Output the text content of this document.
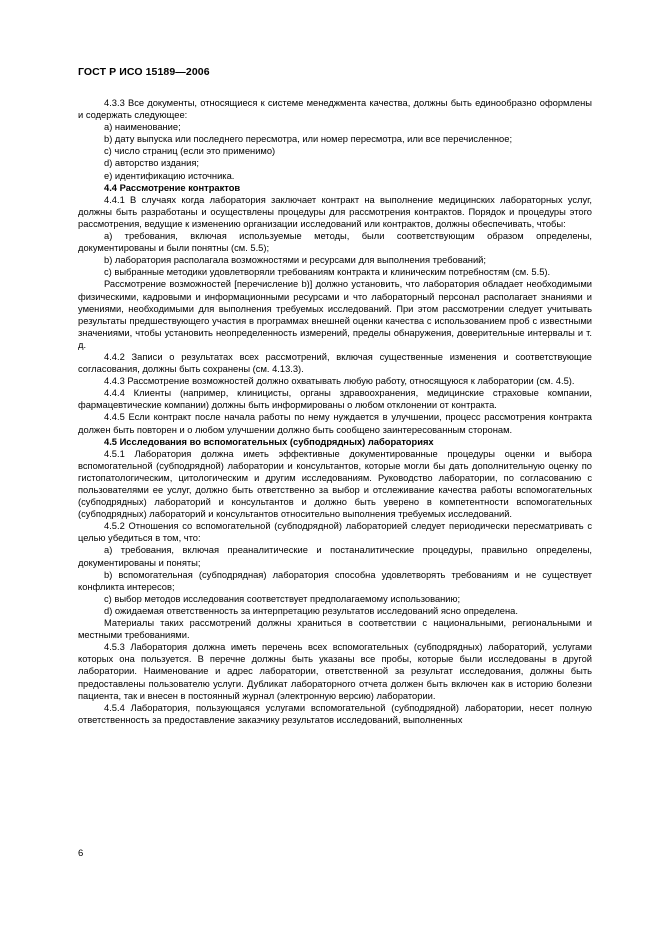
ГОСТ Р ИСО 15189—2006

4.3.3 Все документы, относящиеся к системе менеджмента качества, должны быть единообразно оформлены и содержать следующее:

a) наименование;

b) дату выпуска или последнего пересмотра, или номер пересмотра, или все перечисленное;

c) число страниц (если это применимо)

d) авторство издания;

e) идентификацию источника.

4.4 Рассмотрение контрактов

4.4.1 В случаях когда лаборатория заключает контракт на выполнение медицинских лабораторных услуг, должны быть разработаны и осуществлены процедуры для рассмотрения контрактов. Порядок и процедуры этого рассмотрения, ведущие к изменению организации исследований или контрактов, должны обеспечивать, чтобы:

a) требования, включая используемые методы, были соответствующим образом определены, документированы и были понятны (см. 5.5);

b) лаборатория располагала возможностями и ресурсами для выполнения требований;

c) выбранные методики удовлетворяли требованиям контракта и клиническим потребностям (см. 5.5).

Рассмотрение возможностей [перечисление b)] должно установить, что лаборатория обладает необходимыми физическими, кадровыми и информационными ресурсами и что лабораторный персонал располагает знаниями и умениями, необходимыми для выполнения требуемых исследований. При этом рассмотрении следует учитывать результаты предшествующего участия в программах внешней оценки качества с использованием проб с известными значениями, чтобы установить неопределенность измерений, пределы обнаружения, доверительные интервалы и т. д.

4.4.2 Записи о результатах всех рассмотрений, включая существенные изменения и соответствующие согласования, должны быть сохранены (см. 4.13.3).

4.4.3 Рассмотрение возможностей должно охватывать любую работу, относящуюся к лаборатории (см. 4.5).

4.4.4 Клиенты (например, клиницисты, органы здравоохранения, медицинские страховые компании, фармацевтические компании) должны быть информированы о любом отклонении от контракта.

4.4.5 Если контракт после начала работы по нему нуждается в улучшении, процесс рассмотрения контракта должен быть повторен и о любом улучшении должно быть сообщено заинтересованным сторонам.

4.5 Исследования во вспомогательных (субподрядных) лабораториях

4.5.1 Лаборатория должна иметь эффективные документированные процедуры оценки и выбора вспомогательной (субподрядной) лаборатории и консультантов, которые могли бы дать дополнительную оценку по гистопатологическим, цитологическим и другим исследованиям. Руководство лаборатории, по согласованию с пользователями ее услуг, должно быть ответственно за выбор и отслеживание качества работы вспомогательных (субподрядных) лабораторий и консультантов и должно быть уверено в компетентности вспомогательных (субподрядных) лабораторий и консультантов относительно выполнения требуемых исследований.

4.5.2 Отношения со вспомогательной (субподрядной) лабораторией следует периодически пересматривать с целью убедиться в том, что:

a) требования, включая преаналитические и постаналитические процедуры, правильно определены, документированы и поняты;

b) вспомогательная (субподрядная) лаборатория способна удовлетворять требованиям и не существует конфликта интересов;

c) выбор методов исследования соответствует предполагаемому использованию;

d) ожидаемая ответственность за интерпретацию результатов исследований ясно определена.

Материалы таких рассмотрений должны храниться в соответствии с национальными, региональными и местными требованиями.

4.5.3 Лаборатория должна иметь перечень всех вспомогательных (субподрядных) лабораторий, услугами которых она пользуется. В перечне должны быть указаны все пробы, которые были исследованы в другой лаборатории. Наименование и адрес лаборатории, ответственной за результат исследования, должны быть предоставлены пользователю услуги. Дубликат лабораторного отчета должен быть включен как в историю болезни пациента, так и внесен в постоянный журнал (электронную версию) лаборатории.

4.5.4 Лаборатория, пользующаяся услугами вспомогательной (субподрядной) лаборатории, несет полную ответственность за предоставление заказчику результатов исследований, выполненных

6
